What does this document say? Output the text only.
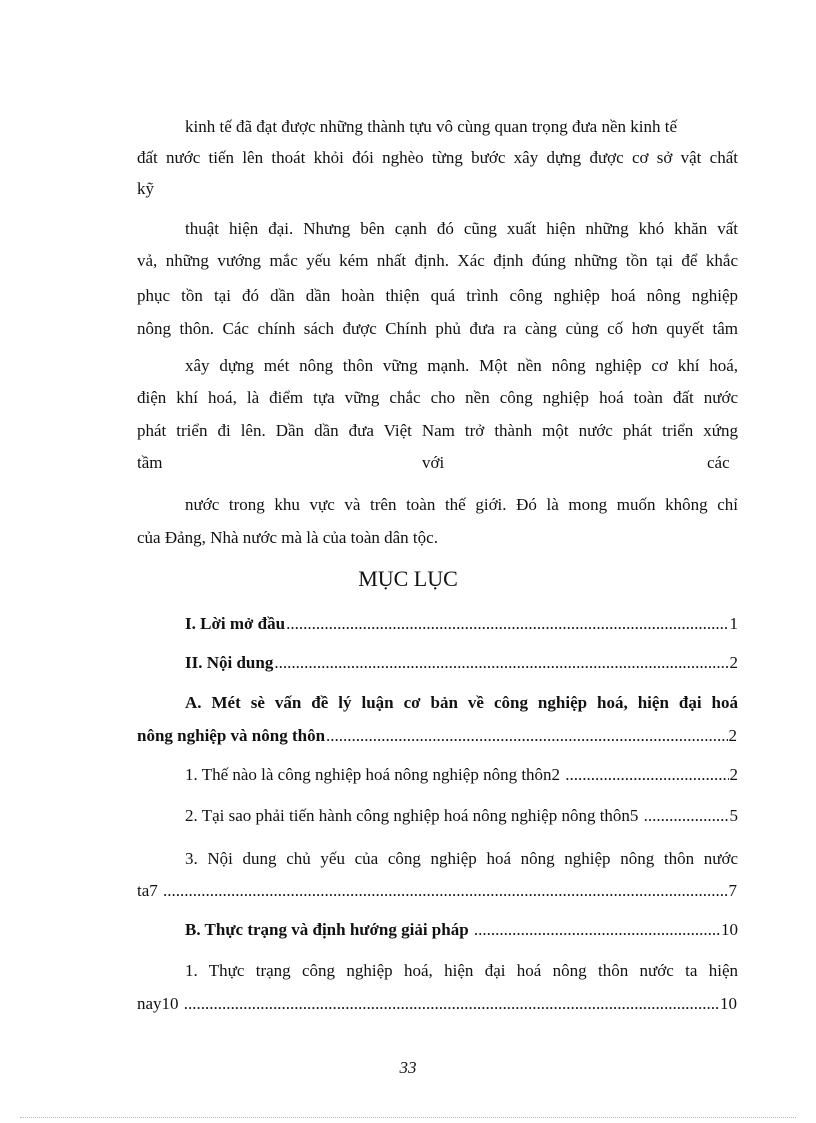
kinh tế đã đạt được những thành tựu vô cùng quan trọng đưa nền kinh tế
đất nước tiến lên thoát khỏi đói nghèo từng bước xây dựng được cơ sở vật chất
kỹ
thuật hiện đại. Nhưng bên cạnh đó cũng xuất hiện những khó khăn vất
vả, những vướng mắc yếu kém nhất định. Xác định đúng những tồn tại để khắc
phục tồn tại đó dần dần hoàn thiện quá trình công nghiệp hoá nông nghiệp
nông thôn. Các chính sách được Chính phủ đưa ra càng củng cố hơn quyết tâm
xây dựng mét nông thôn vững mạnh. Một nền nông nghiệp cơ khí hoá,
điện khí hoá, là điểm tựa vững chắc cho nền công nghiệp hoá toàn đất nước
phát triển đi lên. Dần dần đưa Việt Nam trở thành một nước phát triển xứng
tầm	với	các
nước trong khu vực và trên toàn thế giới. Đó là mong muốn không chỉ
của Đảng, Nhà nước mà là của toàn dân tộc.
MỤC LỤC
I. Lời mở đầu .....	1
II. Nội dung .....	2
A. Mét sè vấn đề lý luận cơ bản về công nghiệp hoá, hiện đại hoá
nông nghiệp và nông thôn .....	2
1. Thế nào là công nghiệp hoá nông nghiệp nông thôn2 .....	2
2. Tại sao phải tiến hành công nghiệp hoá nông nghiệp nông thôn5 .....	5
3. Nội dung chủ yếu của công nghiệp hoá nông nghiệp nông thôn nước
ta7 .....	7
B. Thực trạng và định hướng giải pháp .....	10
1. Thực trạng công nghiệp hoá, hiện đại hoá nông thôn nước ta hiện
nay10 .....	10
33
